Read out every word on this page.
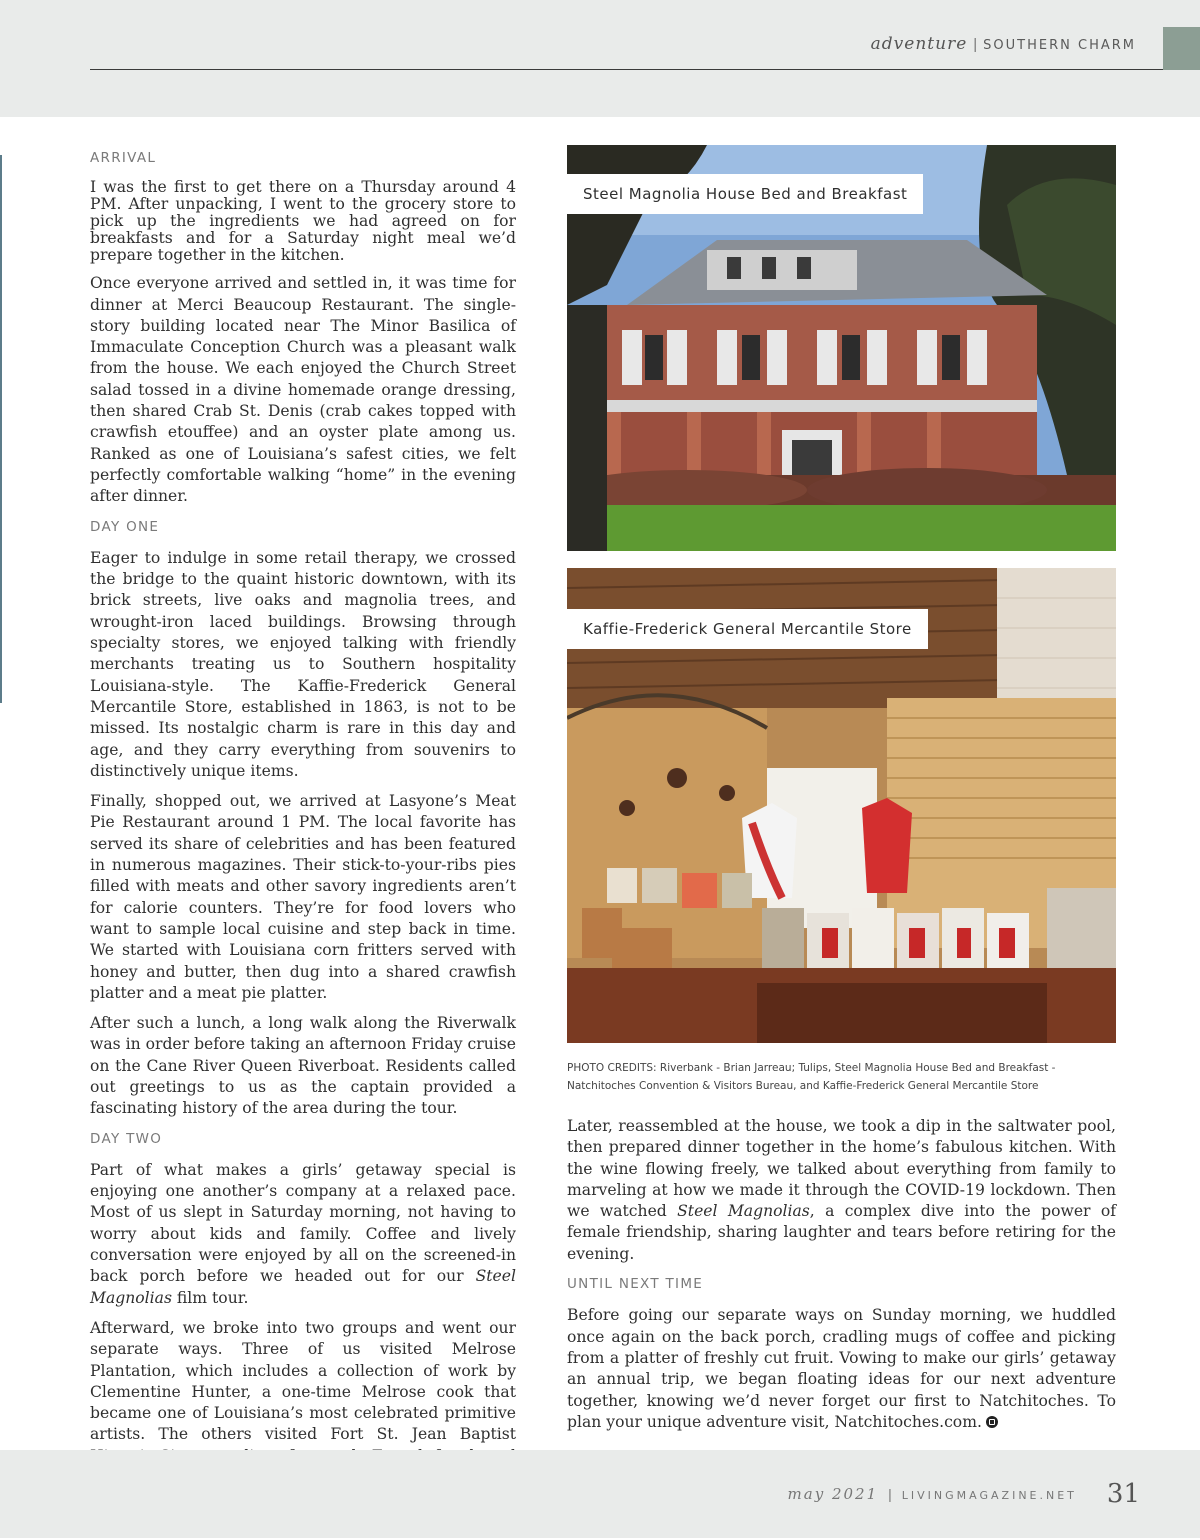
adventure | SOUTHERN CHARM
ARRIVAL

I was the first to get there on a Thursday around 4 PM. After unpacking, I went to the grocery store to pick up the ingredients we had agreed on for breakfasts and for a Saturday night meal we’d prepare together in the kitchen.

Once everyone arrived and settled in, it was time for dinner at Merci Beaucoup Restaurant. The single-story building located near The Minor Basilica of Immaculate Conception Church was a pleasant walk from the house. We each enjoyed the Church Street salad tossed in a divine homemade orange dressing, then shared Crab St. Denis (crab cakes topped with crawfish etouffee) and an oyster plate among us. Ranked as one of Louisiana’s safest cities, we felt perfectly comfortable walking “home” in the evening after dinner.

DAY ONE

Eager to indulge in some retail therapy, we crossed the bridge to the quaint historic downtown, with its brick streets, live oaks and magnolia trees, and wrought-iron laced buildings. Browsing through specialty stores, we enjoyed talking with friendly merchants treating us to Southern hospitality Louisiana-style. The Kaffie-Frederick General Mercantile Store, established in 1863, is not to be missed. Its nostalgic charm is rare in this day and age, and they carry everything from souvenirs to distinctively unique items.

Finally, shopped out, we arrived at Lasyone’s Meat Pie Restaurant around 1 PM. The local favorite has served its share of celebrities and has been featured in numerous magazines. Their stick-to-your-ribs pies filled with meats and other savory ingredients aren’t for calorie counters. They’re for food lovers who want to sample local cuisine and step back in time. We started with Louisiana corn fritters served with honey and butter, then dug into a shared crawfish platter and a meat pie platter.

After such a lunch, a long walk along the Riverwalk was in order before taking an afternoon Friday cruise on the Cane River Queen Riverboat. Residents called out greetings to us as the captain provided a fascinating history of the area during the tour.

DAY TWO

Part of what makes a girls’ getaway special is enjoying one another’s company at a relaxed pace. Most of us slept in Saturday morning, not having to worry about kids and family. Coffee and lively conversation were enjoyed by all on the screened-in back porch before we headed out for our Steel Magnolias film tour.

Afterward, we broke into two groups and went our separate ways. Three of us visited Melrose Plantation, which includes a collection of work by Clementine Hunter, a one-time Melrose cook that became one of Louisiana’s most celebrated primitive artists. The others visited Fort St. Jean Baptist

Steel Magnolia House Bed and Breakfast
Kaffie-Frederick General Mercantile Store
PHOTO CREDITS: Riverbank - Brian Jarreau; Tulips, Steel Magnolia House Bed and Breakfast - Natchitoches Convention & Visitors Bureau, and Kaffie-Frederick General Mercantile Store

Later, reassembled at the house, we took a dip in the saltwater pool, then prepared dinner together in the home’s fabulous kitchen. With the wine flowing freely, we talked about everything from family to marveling at how we made it through the COVID-19 lockdown. Then we watched Steel Magnolias, a complex dive into the power of female friendship, sharing laughter and tears before retiring for the evening.

UNTIL NEXT TIME

Before going our separate ways on Sunday morning, we huddled once again on the back porch, cradling mugs of coffee and picking from a platter of freshly cut fruit. Vowing to make our girls’ getaway an annual trip, we began floating ideas for our next adventure together, knowing we’d never forget our first to Natchitoches. To plan your unique adventure visit, Natchitoches.com.

may 2021 | LIVINGMAGAZINE.NET 31
